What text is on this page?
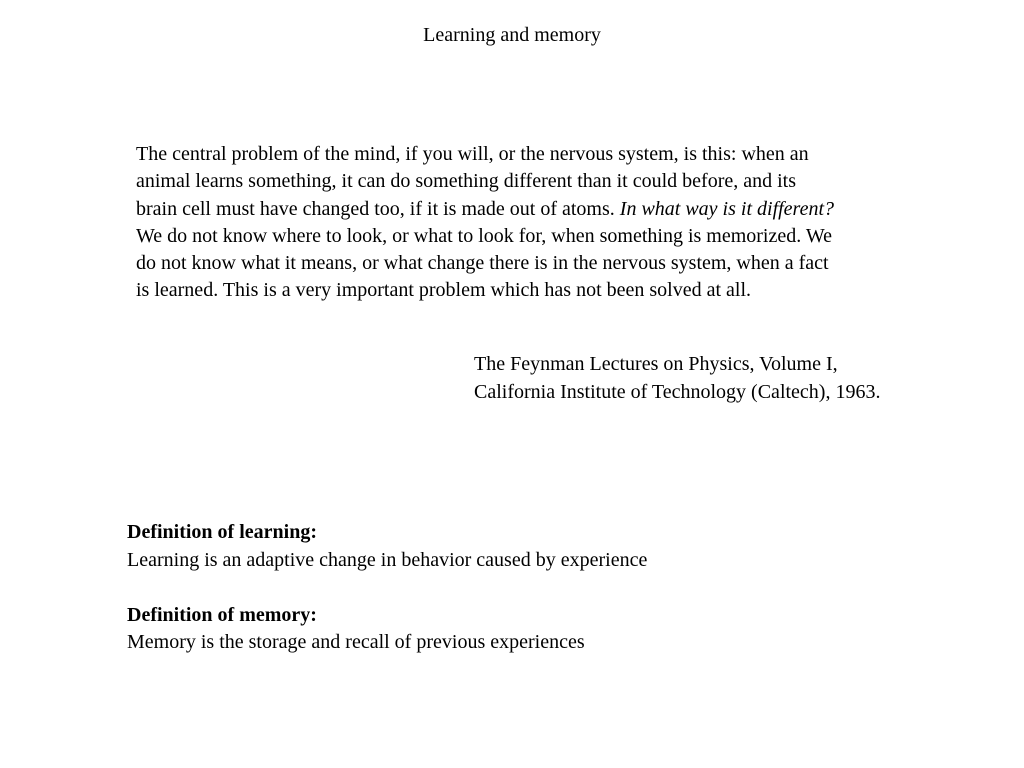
Learning and memory
The central problem of the mind, if you will, or the nervous system, is this: when an
animal learns something, it can do something different than it could before, and its
brain cell must have changed too, if it is made out of atoms. In what way is it different?
We do not know where to look, or what to look for, when something is memorized. We
do not know what it means, or what change there is in the nervous system, when a fact
is learned. This is a very important problem which has not been solved at all.
The Feynman Lectures on Physics, Volume I,
California Institute of Technology (Caltech), 1963.
Definition of learning:
Learning is an adaptive change in behavior caused by experience
Definition of memory:
Memory is the storage and recall of previous experiences
